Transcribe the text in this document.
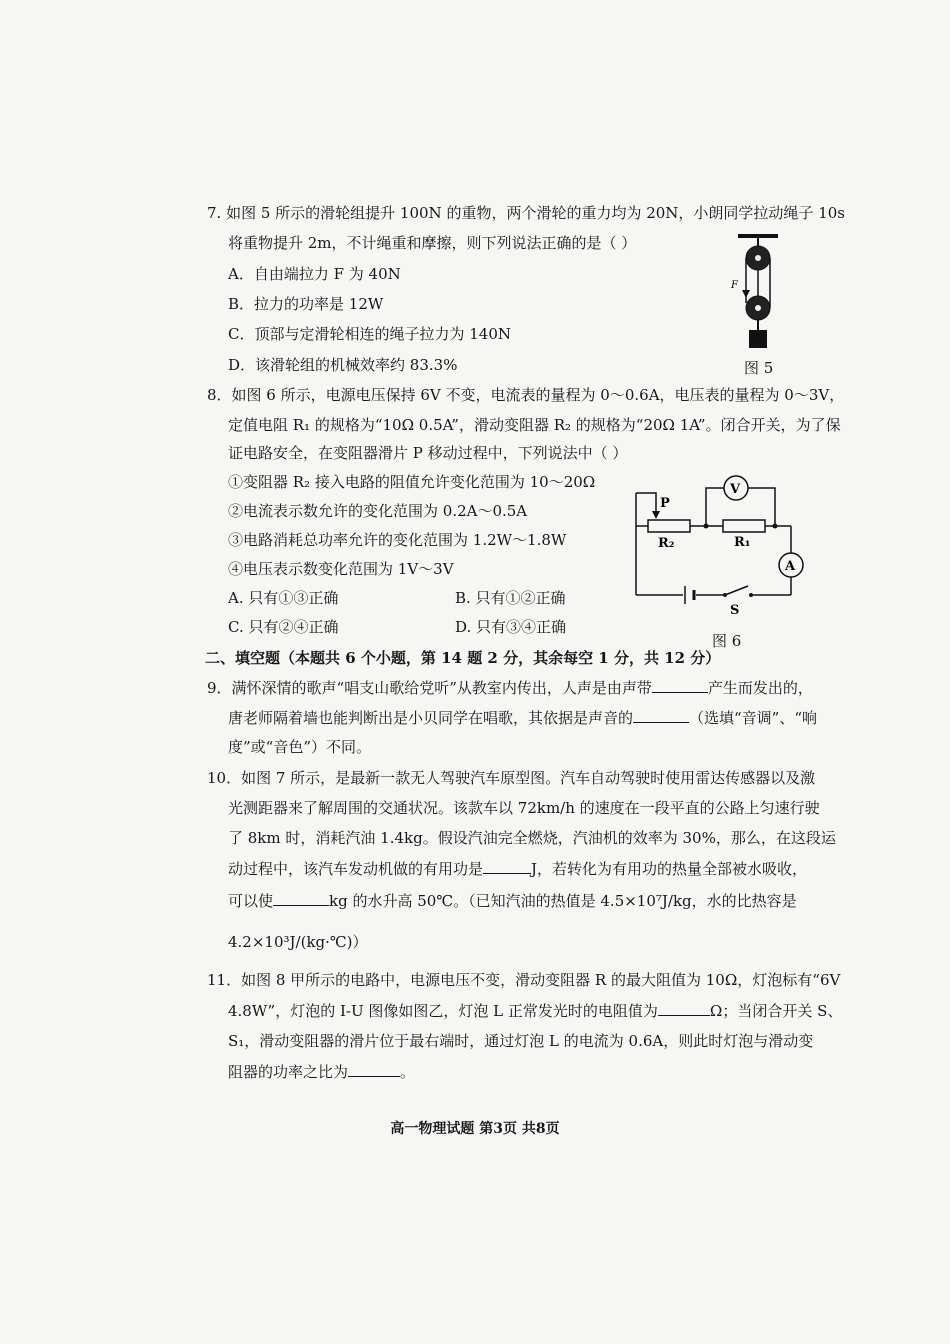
7. 如图 5 所示的滑轮组提升 100N 的重物，两个滑轮的重力均为 20N，小朗同学拉动绳子 10s
将重物提升 2m，不计绳重和摩擦，则下列说法正确的是（ ）
A．自由端拉力 F 为 40N
B．拉力的功率是 12W
C．顶部与定滑轮相连的绳子拉力为 140N
D．该滑轮组的机械效率约 83.3%
F
图 5
8．如图 6 所示，电源电压保持 6V 不变，电流表的量程为 0～0.6A，电压表的量程为 0～3V，
定值电阻 R₁ 的规格为“10Ω 0.5A”，滑动变阻器 R₂ 的规格为“20Ω 1A”。闭合开关，为了保
证电路安全，在变阻器滑片 P 移动过程中，下列说法中（ ）
①变阻器 R₂ 接入电路的阻值允许变化范围为 10～20Ω
②电流表示数允许的变化范围为 0.2A～0.5A
③电路消耗总功率允许的变化范围为 1.2W～1.8W
④电压表示数变化范围为 1V～3V
A. 只有①③正确	B. 只有①②正确
C. 只有②④正确	D. 只有③④正确
P
R₂	R₁
V
A
S
图 6
二、填空题（本题共 6 个小题，第 14 题 2 分，其余每空 1 分，共 12 分）
9．满怀深情的歌声“唱支山歌给党听”从教室内传出，人声是由声带	产生而发出的，
唐老师隔着墙也能判断出是小贝同学在唱歌，其依据是声音的	（选填“音调”、“响
度”或“音色”）不同。
10．如图 7 所示，是最新一款无人驾驶汽车原型图。汽车自动驾驶时使用雷达传感器以及激
光测距器来了解周围的交通状况。该款车以 72km/h 的速度在一段平直的公路上匀速行驶
了 8km 时，消耗汽油 1.4kg。假设汽油完全燃烧，汽油机的效率为 30%，那么，在这段运
动过程中，该汽车发动机做的有用功是	J，若转化为有用功的热量全部被水吸收，
可以使	kg 的水升高 50℃。（已知汽油的热值是 4.5×10⁷J/kg，水的比热容是
4.2×10³J/(kg·℃)）
11．如图 8 甲所示的电路中，电源电压不变，滑动变阻器 R 的最大阻值为 10Ω，灯泡标有“6V
4.8W”，灯泡的 I-U 图像如图乙，灯泡 L 正常发光时的电阻值为	Ω；当闭合开关 S、
S₁，滑动变阻器的滑片位于最右端时，通过灯泡 L 的电流为 0.6A，则此时灯泡与滑动变
阻器的功率之比为	。
高一物理试题 第3页 共8页
